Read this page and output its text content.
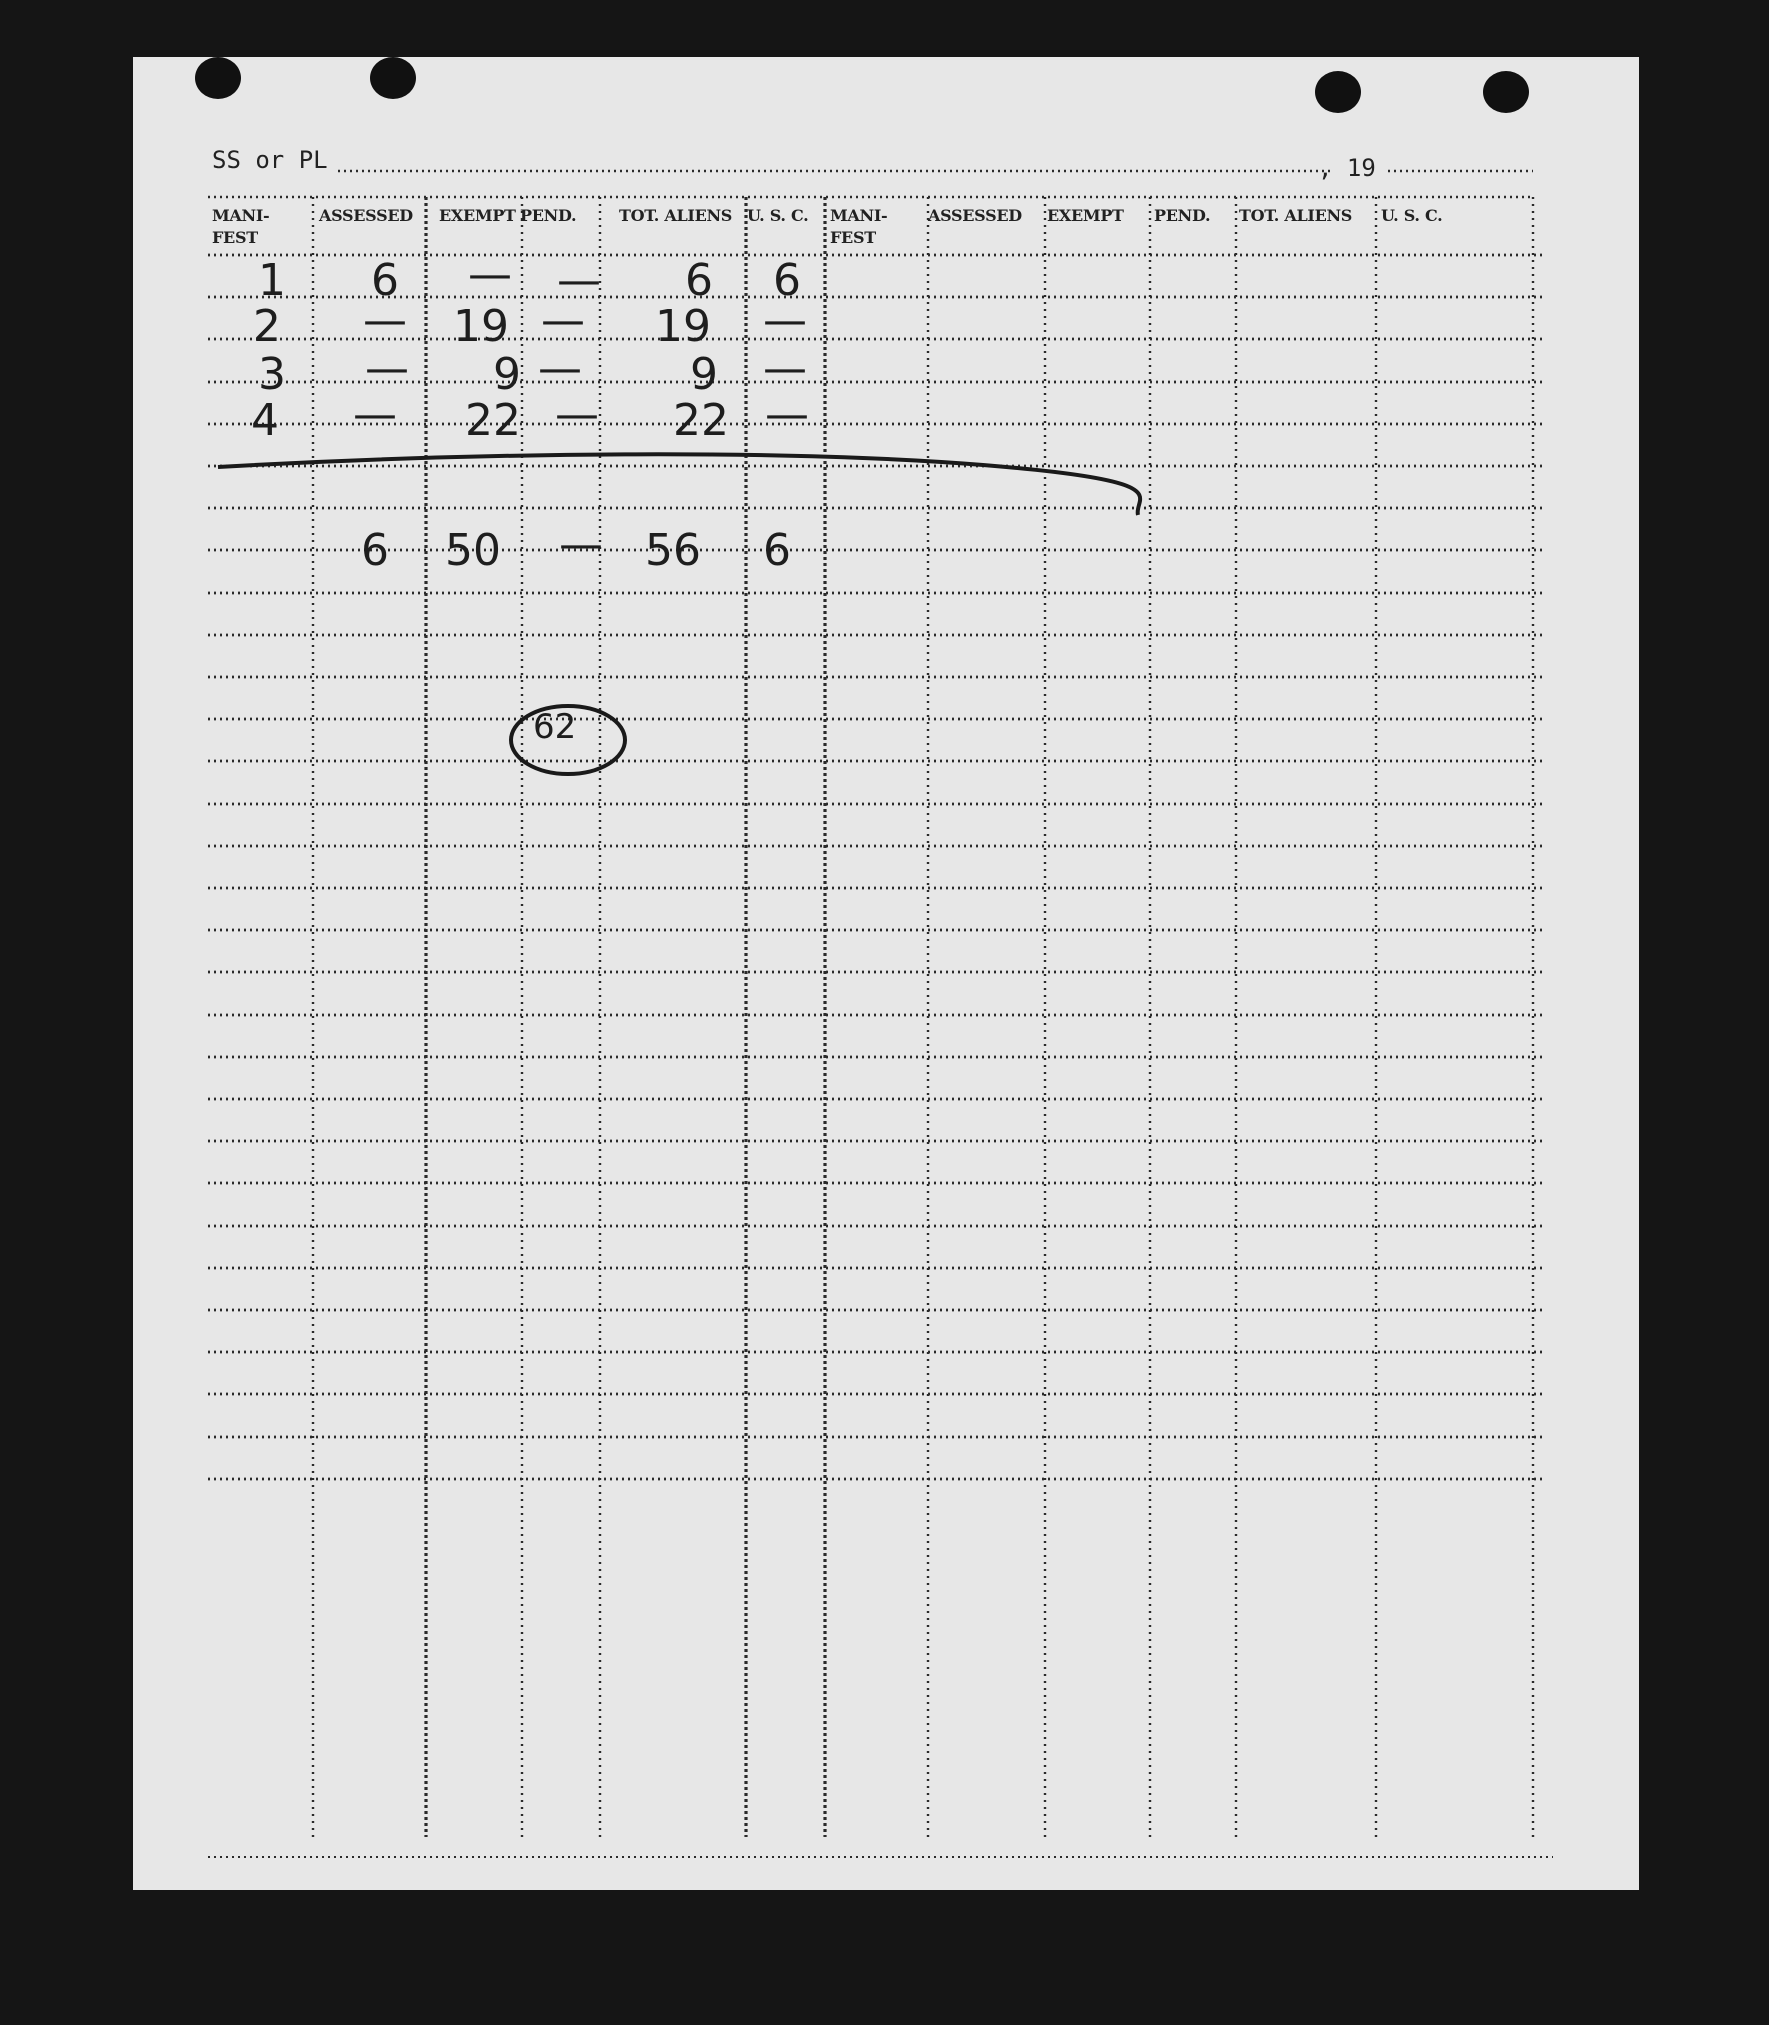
SS or PL	, 19
MANI-
FEST
ASSESSED EXEMPT PEND.	TOT. ALIENS U. S. C. MANI-
FEST
ASSESSED EXEMPT PEND. TOT. ALIENS U. S. C.
1 6 — — 6 6
2 — 19 — 19 —
3 — 9 — 9 —
4 — 22 — 22 —
6 50 — 56 6
62
